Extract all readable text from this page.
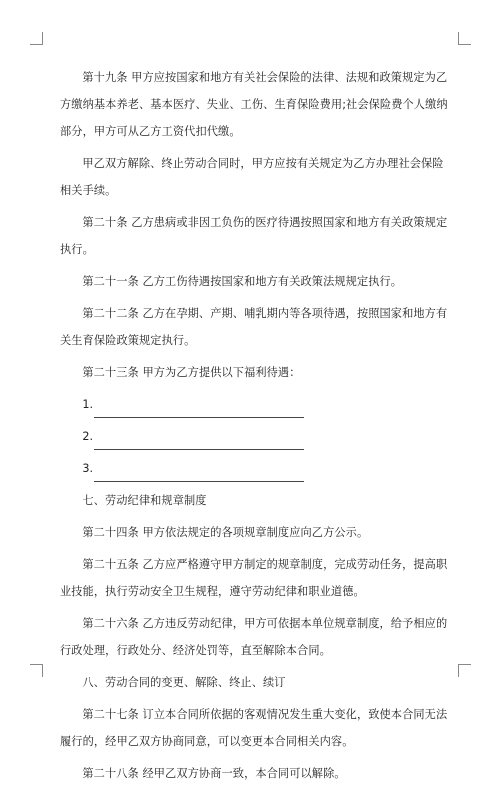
第十九条 甲方应按国家和地方有关社会保险的法律、法规和政策规定为乙方缴纳基本养老、基本医疗、失业、工伤、生育保险费用;社会保险费个人缴纳部分，甲方可从乙方工资代扣代缴。

甲乙双方解除、终止劳动合同时，甲方应按有关规定为乙方办理社会保险相关手续。

第二十条 乙方患病或非因工负伤的医疗待遇按照国家和地方有关政策规定执行。

第二十一条 乙方工伤待遇按国家和地方有关政策法规规定执行。

第二十二条 乙方在孕期、产期、哺乳期内等各项待遇，按照国家和地方有关生育保险政策规定执行。

第二十三条 甲方为乙方提供以下福利待遇：

1.
2.
3.

七、劳动纪律和规章制度

第二十四条 甲方依法规定的各项规章制度应向乙方公示。

第二十五条 乙方应严格遵守甲方制定的规章制度，完成劳动任务，提高职业技能，执行劳动安全卫生规程，遵守劳动纪律和职业道德。

第二十六条 乙方违反劳动纪律，甲方可依据本单位规章制度，给予相应的行政处理，行政处分、经济处罚等，直至解除本合同。

八、劳动合同的变更、解除、终止、续订

第二十七条 订立本合同所依据的客观情况发生重大变化，致使本合同无法履行的，经甲乙双方协商同意，可以变更本合同相关内容。

第二十八条 经甲乙双方协商一致，本合同可以解除。
